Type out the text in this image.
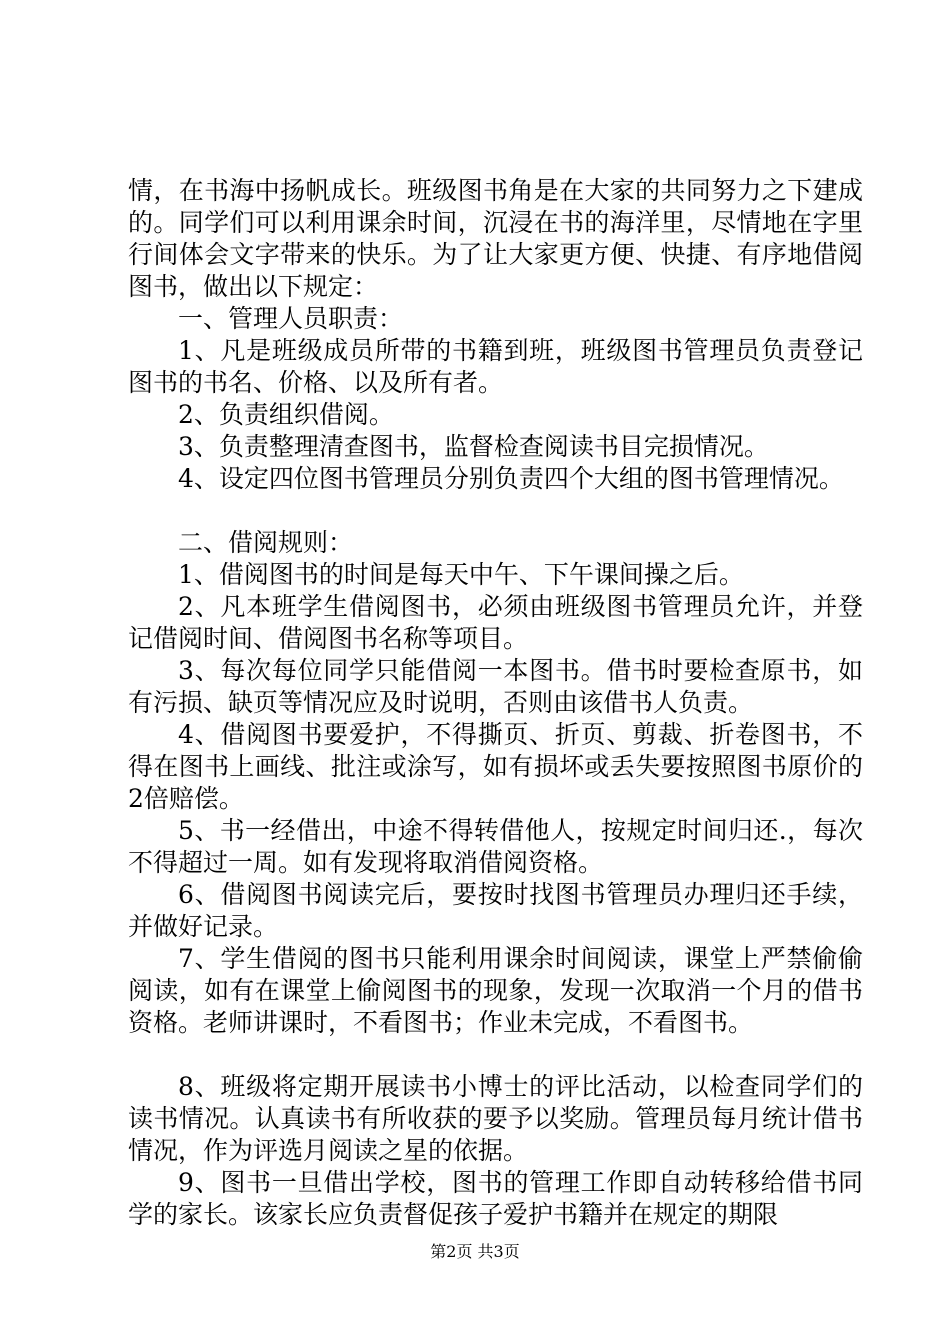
情，在书海中扬帆成长。班级图书角是在大家的共同努力之下建成的。同学们可以利用课余时间，沉浸在书的海洋里，尽情地在字里行间体会文字带来的快乐。为了让大家更方便、快捷、有序地借阅图书，做出以下规定：

一、管理人员职责：

1、凡是班级成员所带的书籍到班，班级图书管理员负责登记图书的书名、价格、以及所有者。

2、负责组织借阅。

3、负责整理清查图书，监督检查阅读书目完损情况。

4、设定四位图书管理员分别负责四个大组的图书管理情况。

二、借阅规则：

1、借阅图书的时间是每天中午、下午课间操之后。

2、凡本班学生借阅图书，必须由班级图书管理员允许，并登记借阅时间、借阅图书名称等项目。

3、每次每位同学只能借阅一本图书。借书时要检查原书，如有污损、缺页等情况应及时说明，否则由该借书人负责。

4、借阅图书要爱护，不得撕页、折页、剪裁、折卷图书，不得在图书上画线、批注或涂写，如有损坏或丢失要按照图书原价的2倍赔偿。

5、书一经借出，中途不得转借他人，按规定时间归还.，每次不得超过一周。如有发现将取消借阅资格。

6、借阅图书阅读完后，要按时找图书管理员办理归还手续，并做好记录。

7、学生借阅的图书只能利用课余时间阅读，课堂上严禁偷偷阅读，如有在课堂上偷阅图书的现象，发现一次取消一个月的借书资格。老师讲课时，不看图书；作业未完成，不看图书。

8、班级将定期开展读书小博士的评比活动，以检查同学们的读书情况。认真读书有所收获的要予以奖励。管理员每月统计借书情况，作为评选月阅读之星的依据。

9、图书一旦借出学校，图书的管理工作即自动转移给借书同学的家长。该家长应负责督促孩子爱护书籍并在规定的期限

第2页 共3页
